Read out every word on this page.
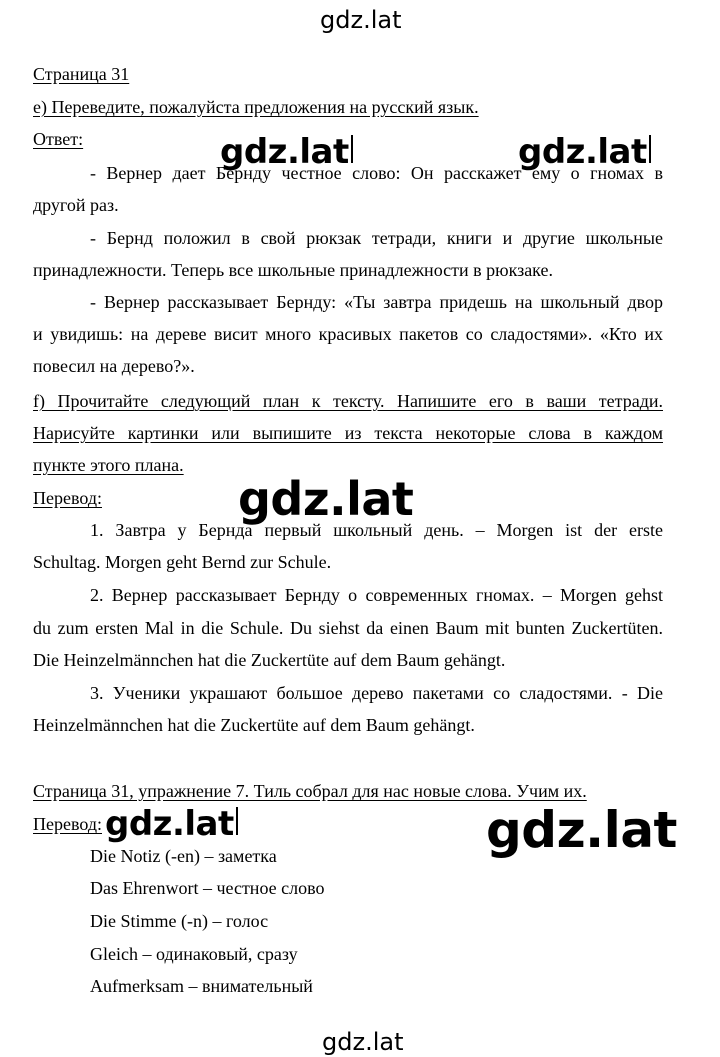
gdz.lat
gdz.lat	gdz.lat
gdz.lat
gdz.lat	gdz.lat
gdz.lat
Страница 31
е) Переведите, пожалуйста предложения на русский язык.
Ответ:
- Вернер дает Бернду честное слово: Он расскажет ему о гномах в
другой раз.
- Бернд положил в свой рюкзак тетради, книги и другие школьные
принадлежности. Теперь все школьные принадлежности в рюкзаке.
- Вернер рассказывает Бернду: «Ты завтра придешь на школьный двор
и увидишь: на дереве висит много красивых пакетов со сладостями». «Кто их
повесил на дерево?».
f) Прочитайте следующий план к тексту. Напишите его в ваши тетради.
Нарисуйте картинки или выпишите из текста некоторые слова в каждом
пункте этого плана.
Перевод:
1. Завтра у Бернда первый школьный день. – Morgen ist der erste
Schultag. Morgen geht Bernd zur Schule.
2. Вернер рассказывает Бернду о современных гномах. – Morgen gehst
du zum ersten Mal in die Schule. Du siehst da einen Baum mit bunten Zuckertüten.
Die Heinzelmännchen hat die Zuckertüte auf dem Baum gehängt.
3. Ученики украшают большое дерево пакетами со сладостями. - Die
Heinzelmännchen hat die Zuckertüte auf dem Baum gehängt.
Страница 31, упражнение 7. Тиль собрал для нас новые слова. Учим их.
Перевод:
Die Notiz (-en) – заметка
Das Ehrenwort – честное слово
Die Stimme (-n) – голос
Gleich – одинаковый, сразу
Aufmerksam – внимательный
